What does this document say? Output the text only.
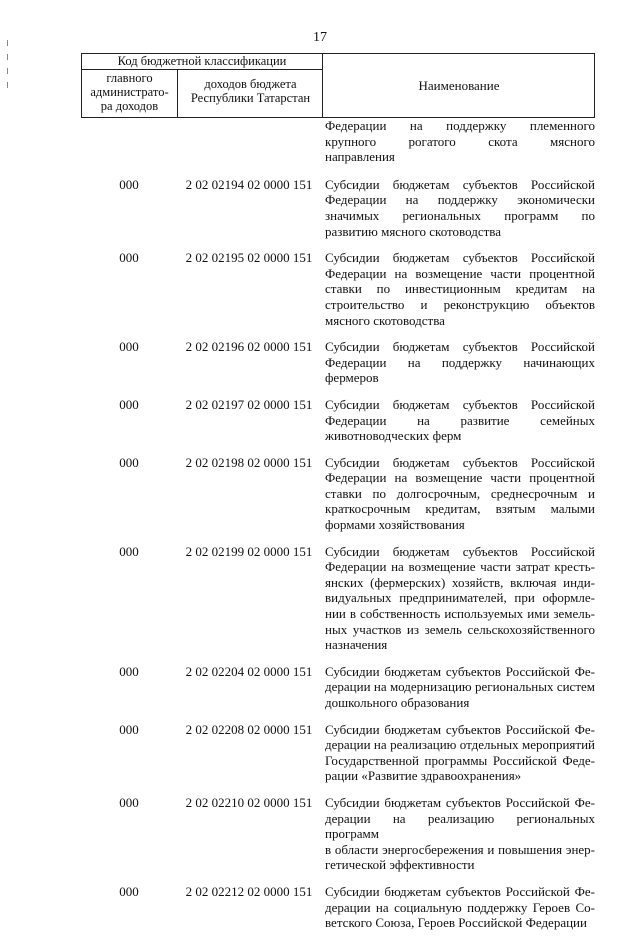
17
Код бюджетной классификации
главного
администрато-
ра доходов
доходов бюджета
Республики Татарстан
Наименование
Федерации на поддержку племенного
крупного рогатого скота мясного
направления
000	2 02 02194 02 0000 151 Субсидии бюджетам субъектов Российской
Федерации на поддержку экономически
значимых региональных программ по
развитию мясного скотоводства
000	2 02 02195 02 0000 151 Субсидии бюджетам субъектов Российской
Федерации на возмещение части процентной
ставки по инвестиционным кредитам на
строительство и реконструкцию объектов
мясного скотоводства
000	2 02 02196 02 0000 151 Субсидии бюджетам субъектов Российской
Федерации на поддержку начинающих
фермеров
000	2 02 02197 02 0000 151 Субсидии бюджетам субъектов Российской
Федерации на развитие семейных
животноводческих ферм
000	2 02 02198 02 0000 151 Субсидии бюджетам субъектов Российской
Федерации на возмещение части процентной
ставки по долгосрочным, среднесрочным и
краткосрочным кредитам, взятым малыми
формами хозяйствования
000	2 02 02199 02 0000 151 Субсидии бюджетам субъектов Российской
Федерации на возмещение части затрат кресть-
янских (фермерских) хозяйств, включая инди-
видуальных предпринимателей, при оформле-
нии в собственность используемых ими земель-
ных участков из земель сельскохозяйственного
назначения
000	2 02 02204 02 0000 151 Субсидии бюджетам субъектов Российской Фе-
дерации на модернизацию региональных систем
дошкольного образования
000	2 02 02208 02 0000 151 Субсидии бюджетам субъектов Российской Фе-
дерации на реализацию отдельных мероприятий
Государственной программы Российской Феде-
рации «Развитие здравоохранения»
000	2 02 02210 02 0000 151 Субсидии бюджетам субъектов Российской Фе-
дерации на реализацию региональных программ
в области энергосбережения и повышения энер-
гетической эффективности
000	2 02 02212 02 0000 151 Субсидии бюджетам субъектов Российской Фе-
дерации на социальную поддержку Героев Со-
ветского Союза, Героев Российской Федерации
